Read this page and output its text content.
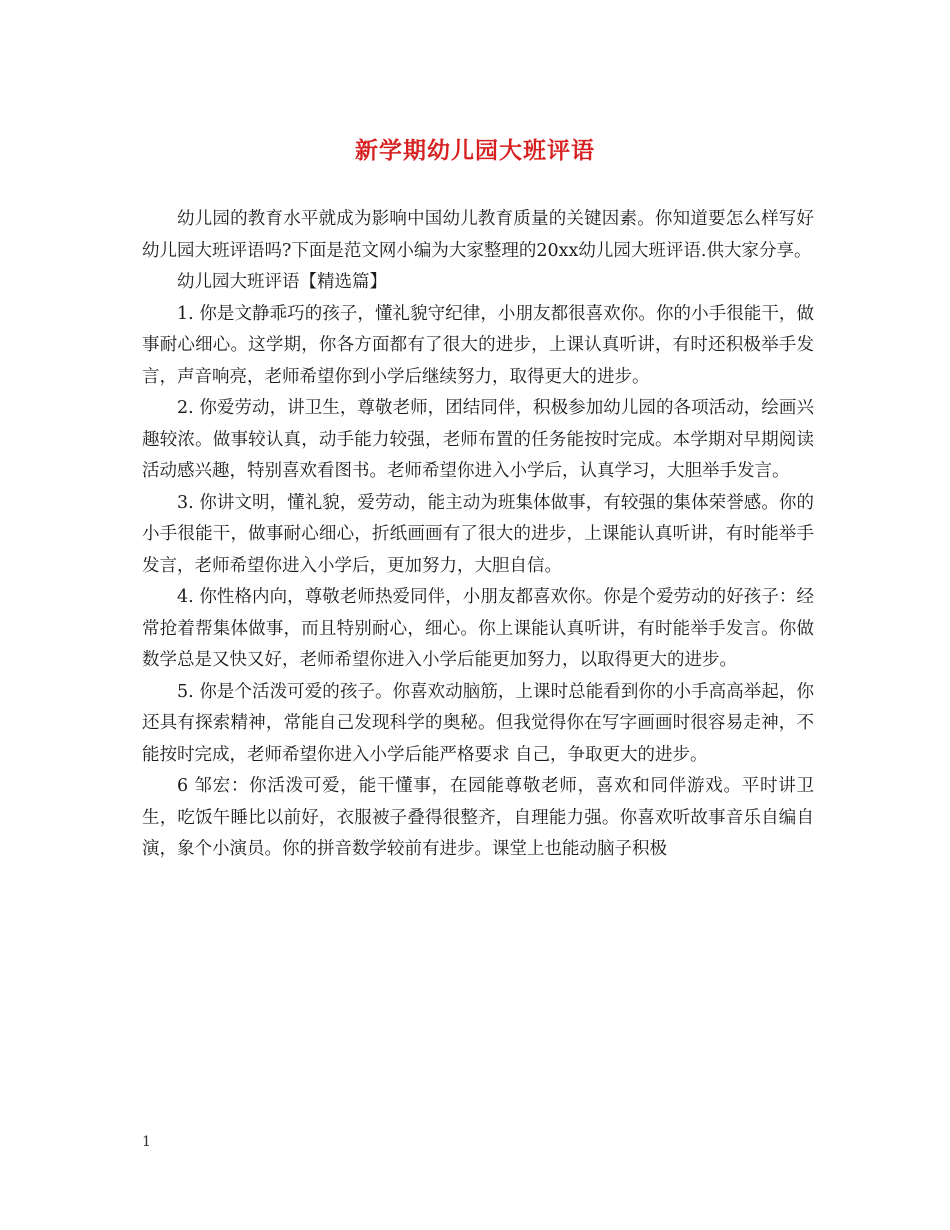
新学期幼儿园大班评语

幼儿园的教育水平就成为影响中国幼儿教育质量的关键因素。你知道要怎么样写好幼儿园大班评语吗?下面是范文网小编为大家整理的20xx幼儿园大班评语.供大家分享。

幼儿园大班评语【精选篇】

1. 你是文静乖巧的孩子，懂礼貌守纪律，小朋友都很喜欢你。你的小手很能干，做事耐心细心。这学期，你各方面都有了很大的进步，上课认真听讲，有时还积极举手发言，声音响亮，老师希望你到小学后继续努力，取得更大的进步。

2. 你爱劳动，讲卫生，尊敬老师，团结同伴，积极参加幼儿园的各项活动，绘画兴趣较浓。做事较认真，动手能力较强，老师布置的任务能按时完成。本学期对早期阅读活动感兴趣，特别喜欢看图书。老师希望你进入小学后，认真学习，大胆举手发言。

3. 你讲文明，懂礼貌，爱劳动，能主动为班集体做事，有较强的集体荣誉感。你的小手很能干，做事耐心细心，折纸画画有了很大的进步，上课能认真听讲，有时能举手发言，老师希望你进入小学后，更加努力，大胆自信。

4. 你性格内向，尊敬老师热爱同伴，小朋友都喜欢你。你是个爱劳动的好孩子：经常抢着帮集体做事，而且特别耐心，细心。你上课能认真听讲，有时能举手发言。你做数学总是又快又好，老师希望你进入小学后能更加努力，以取得更大的进步。

5. 你是个活泼可爱的孩子。你喜欢动脑筋，上课时总能看到你的小手高高举起，你还具有探索精神，常能自己发现科学的奥秘。但我觉得你在写字画画时很容易走神，不能按时完成，老师希望你进入小学后能严格要求 自己，争取更大的进步。

6 邹宏：你活泼可爱，能干懂事，在园能尊敬老师，喜欢和同伴游戏。平时讲卫生，吃饭午睡比以前好，衣服被子叠得很整齐，自理能力强。你喜欢听故事音乐自编自演，象个小演员。你的拼音数学较前有进步。课堂上也能动脑子积极

1
